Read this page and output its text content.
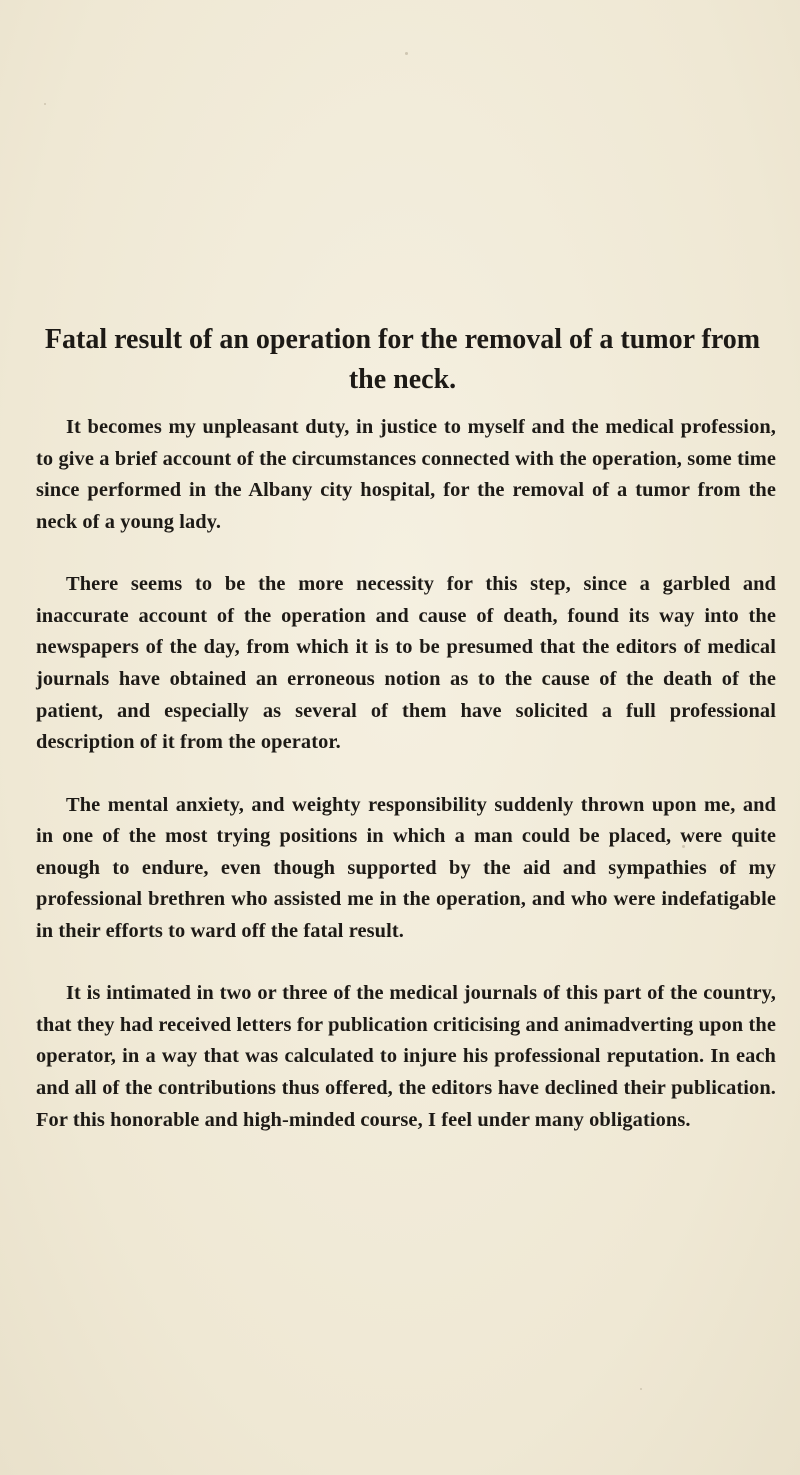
Fatal result of an operation for the removal of a tumor from the neck.

It becomes my unpleasant duty, in justice to myself and the medical profession, to give a brief account of the circumstances connected with the operation, some time since performed in the Albany city hospital, for the removal of a tumor from the neck of a young lady.

There seems to be the more necessity for this step, since a garbled and inaccurate account of the operation and cause of death, found its way into the newspapers of the day, from which it is to be presumed that the editors of medical journals have obtained an erroneous notion as to the cause of the death of the patient, and especially as several of them have solicited a full professional description of it from the operator.

The mental anxiety, and weighty responsibility suddenly thrown upon me, and in one of the most trying positions in which a man could be placed, were quite enough to endure, even though supported by the aid and sympathies of my professional brethren who assisted me in the operation, and who were indefatigable in their efforts to ward off the fatal result.

It is intimated in two or three of the medical journals of this part of the country, that they had received letters for publication criticising and animadverting upon the operator, in a way that was calculated to injure his professional reputation. In each and all of the contributions thus offered, the editors have declined their publication. For this honorable and high-minded course, I feel under many obligations.
